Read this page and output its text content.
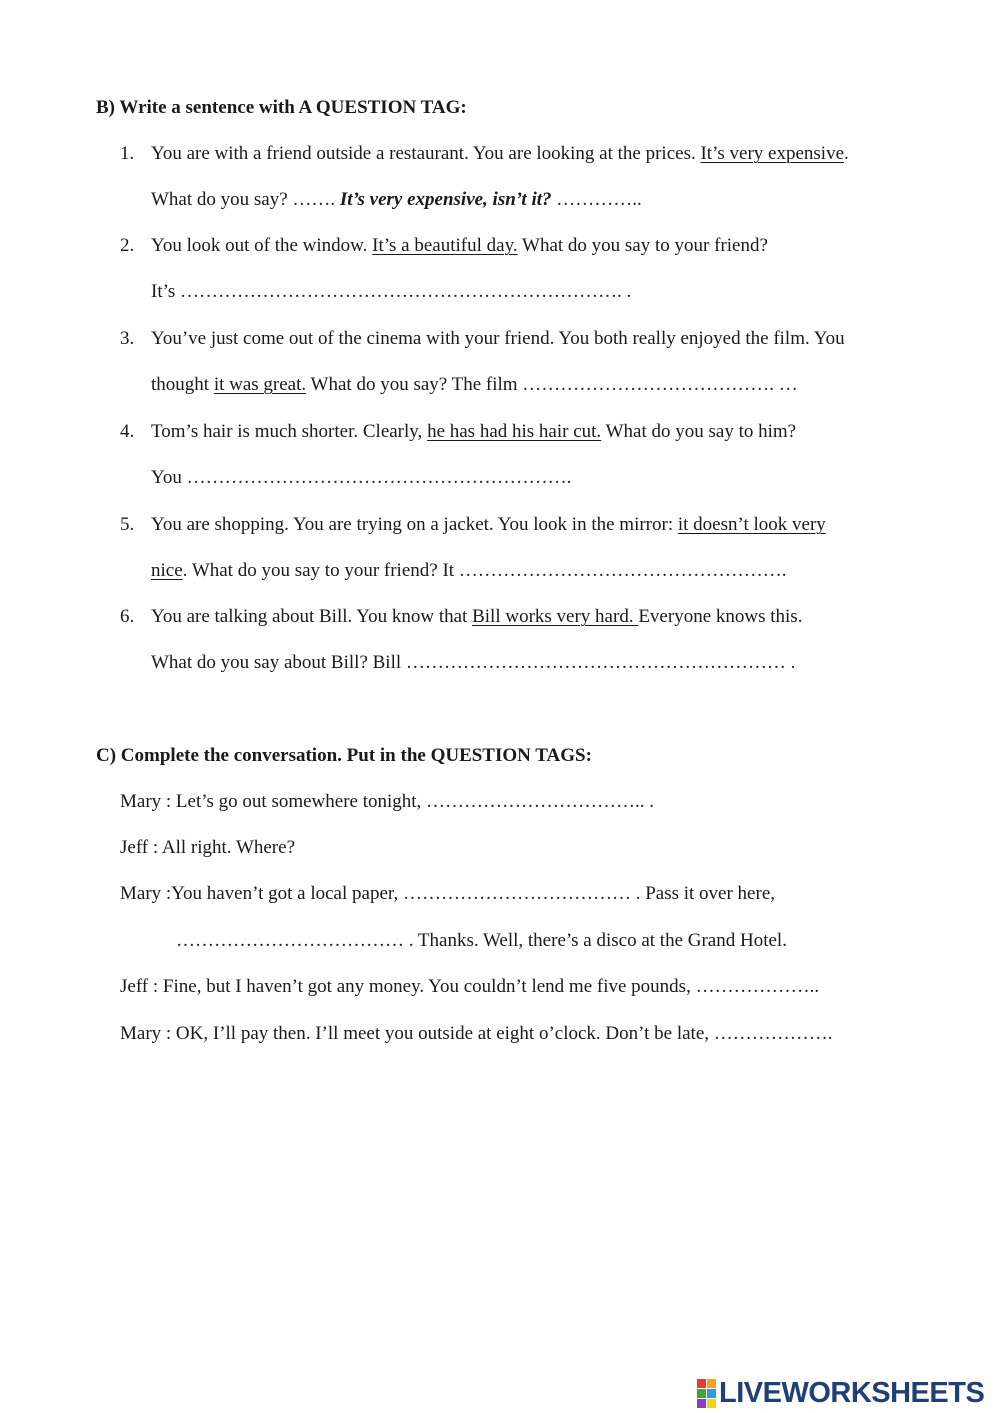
B) Write a sentence with A QUESTION TAG:
1. You are with a friend outside a restaurant. You are looking at the prices. It’s very expensive.
What do you say? ……. It’s very expensive, isn’t it? …………..
2. You look out of the window. It’s a beautiful day. What do you say to your friend?
It’s ……………………………………………………………. .
3. You’ve just come out of the cinema with your friend. You both really enjoyed the film. You
thought it was great. What do you say? The film …………………………………. …
4. Tom’s hair is much shorter. Clearly, he has had his hair cut. What do you say to him?
You …………………………………………………….
5. You are shopping. You are trying on a jacket. You look in the mirror: it doesn’t look very
nice. What do you say to your friend? It …………………………………………….
6. You are talking about Bill. You know that Bill works very hard. Everyone knows this.
What do you say about Bill? Bill …………………………………………………… .
C) Complete the conversation. Put in the QUESTION TAGS:
Mary : Let’s go out somewhere tonight, …………………………….. .
Jeff : All right. Where?
Mary :You haven’t got a local paper, ……………………………… . Pass it over here,
……………………………… . Thanks. Well, there’s a disco at the Grand Hotel.
Jeff : Fine, but I haven’t got any money. You couldn’t lend me five pounds, ………………..
Mary : OK, I’ll pay then. I’ll meet you outside at eight o’clock. Don’t be late, ……………….
LIVEWORKSHEETS
